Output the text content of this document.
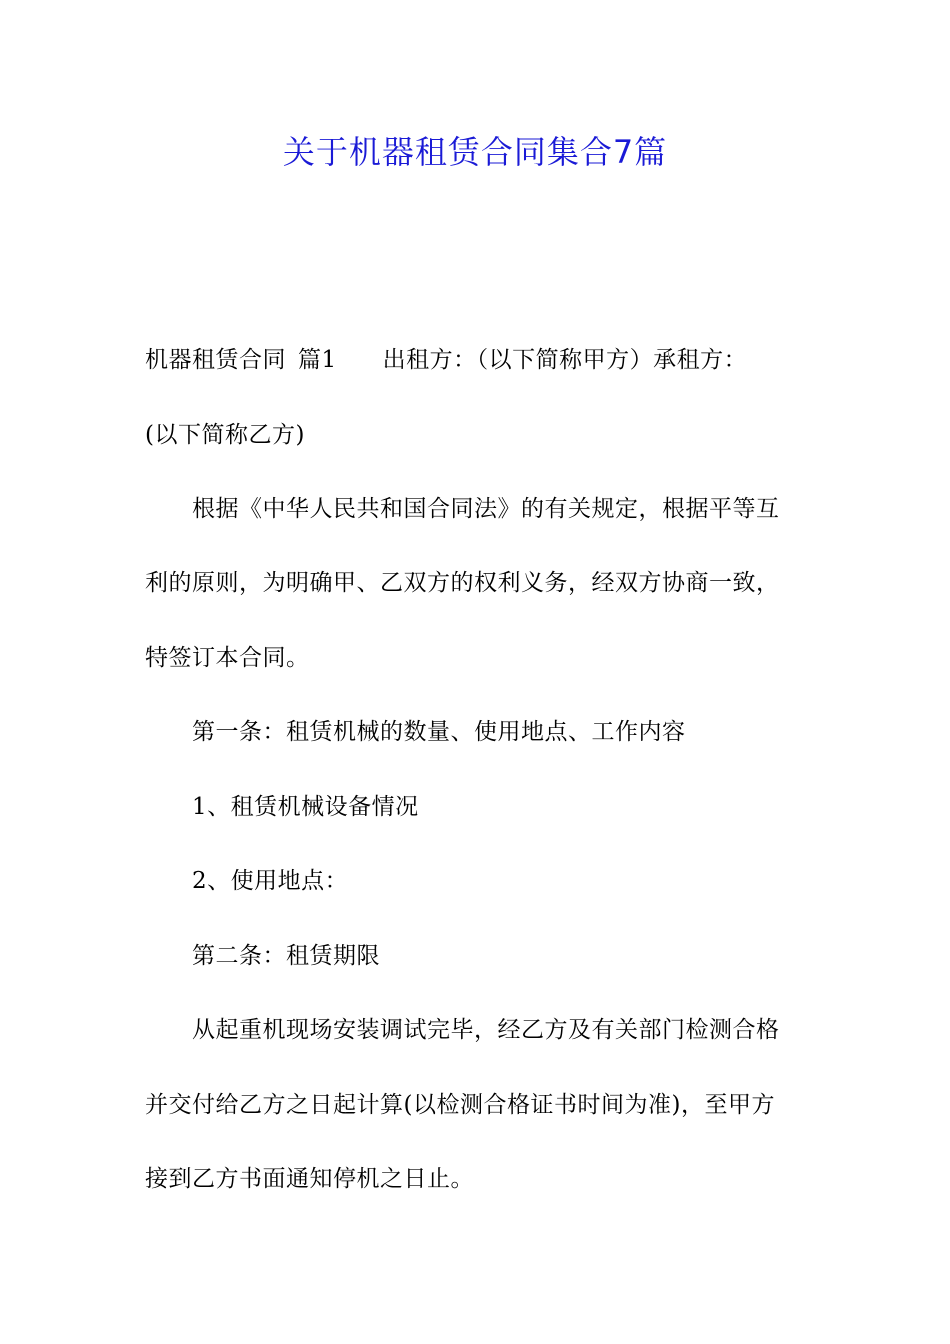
关于机器租赁合同集合7篇
机器租赁合同 篇1 出租方：（以下简称甲方）承租方：
(以下简称乙方)
根据《中华人民共和国合同法》的有关规定，根据平等互
利的原则，为明确甲、乙双方的权利义务，经双方协商一致，
特签订本合同。
第一条：租赁机械的数量、使用地点、工作内容
1、租赁机械设备情况
2、使用地点：
第二条：租赁期限
从起重机现场安装调试完毕，经乙方及有关部门检测合格
并交付给乙方之日起计算(以检测合格证书时间为准)，至甲方
接到乙方书面通知停机之日止。
